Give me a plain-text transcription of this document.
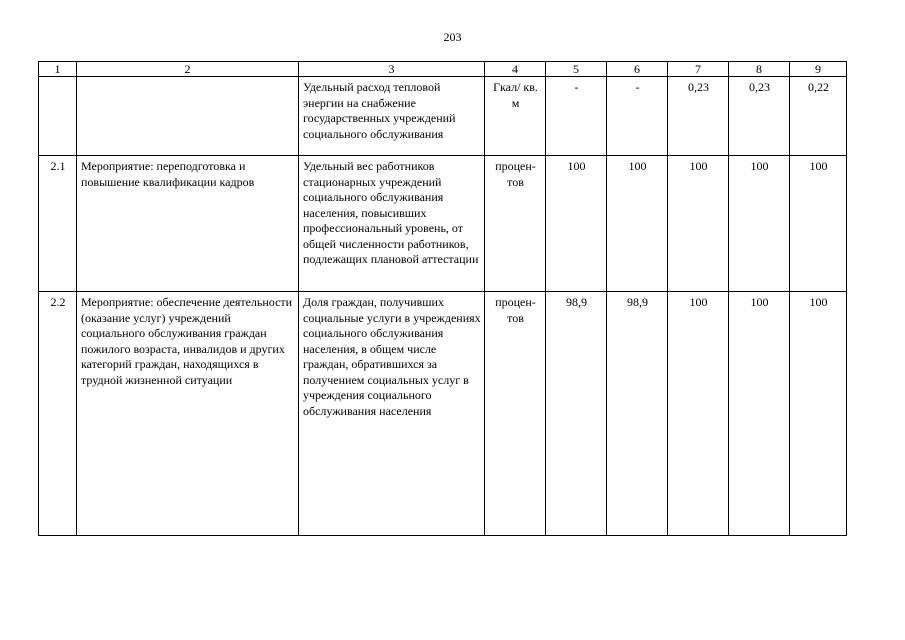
203
1	2	3	4	5	6	7	8	9
		Удельный расход тепловой энергии на снабжение государственных учреждений социального обслуживания	Гкал/ кв. м	-	-	0,23	0,23	0,22
2.1	Мероприятие: переподготовка и повышение квалификации кадров	Удельный вес работников стационарных учреждений социального обслуживания населения, повысивших профессиональный уровень, от общей численности работников, подлежащих плановой аттестации	процен-тов	100	100	100	100	100
2.2	Мероприятие: обеспечение деятельности (оказание услуг) учреждений социального обслуживания граждан пожилого возраста, инвалидов и других категорий граждан, находящихся в трудной жизненной ситуации	Доля граждан, получивших социальные услуги в учреждениях социального обслуживания населения, в общем числе граждан, обратившихся за получением социальных услуг в учреждения социального обслуживания населения	процен-тов	98,9	98,9	100	100	100
